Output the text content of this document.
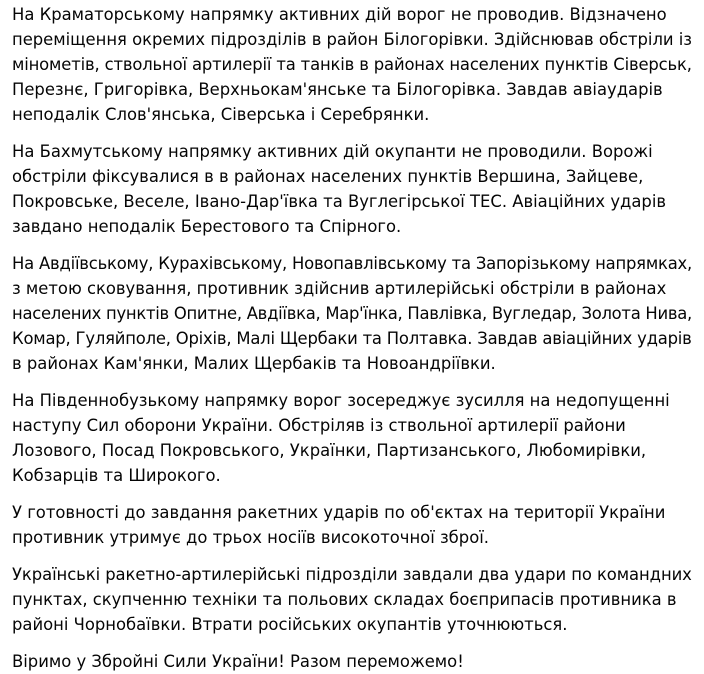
На Краматорському напрямку активних дій ворог не проводив. Відзначено
переміщення окремих підрозділів в район Білогорівки. Здійснював обстріли із
мінометів, ствольної артилерії та танків в районах населених пунктів Сіверськ,
Перезнє, Григорівка, Верхньокам'янське та Білогорівка. Завдав авіаударів
неподалік Слов'янська, Сіверська і Серебрянки.
На Бахмутському напрямку активних дій окупанти не проводили. Ворожі
обстріли фіксувалися в в районах населених пунктів Вершина, Зайцеве,
Покровське, Веселе, Івано-Дар'ївка та Вуглегірської ТЕС. Авіаційних ударів
завдано неподалік Берестового та Спірного.
На Авдіївському, Курахівському, Новопавлівському та Запорізькому напрямках,
з метою сковування, противник здійснив артилерійські обстріли в районах
населених пунктів Опитне, Авдіївка, Мар'їнка, Павлівка, Вугледар, Золота Нива,
Комар, Гуляйполе, Оріхів, Малі Щербаки та Полтавка. Завдав авіаційних ударів
в районах Кам'янки, Малих Щербаків та Новоандріївки.
На Південнобузькому напрямку ворог зосереджує зусилля на недопущенні
наступу Сил оборони України. Обстріляв із ствольної артилерії райони
Лозового, Посад Покровського, Українки, Партизанського, Любомирівки,
Кобзарців та Широкого.
У готовності до завдання ракетних ударів по об'єктах на території України
противник утримує до трьох носіїв високоточної зброї.
Українські ракетно-артилерійські підрозділи завдали два удари по командних
пунктах, скупченню техніки та польових складах боєприпасів противника в
районі Чорнобаївки. Втрати російських окупантів уточнюються.
Віримо у Збройні Сили України! Разом переможемо!
